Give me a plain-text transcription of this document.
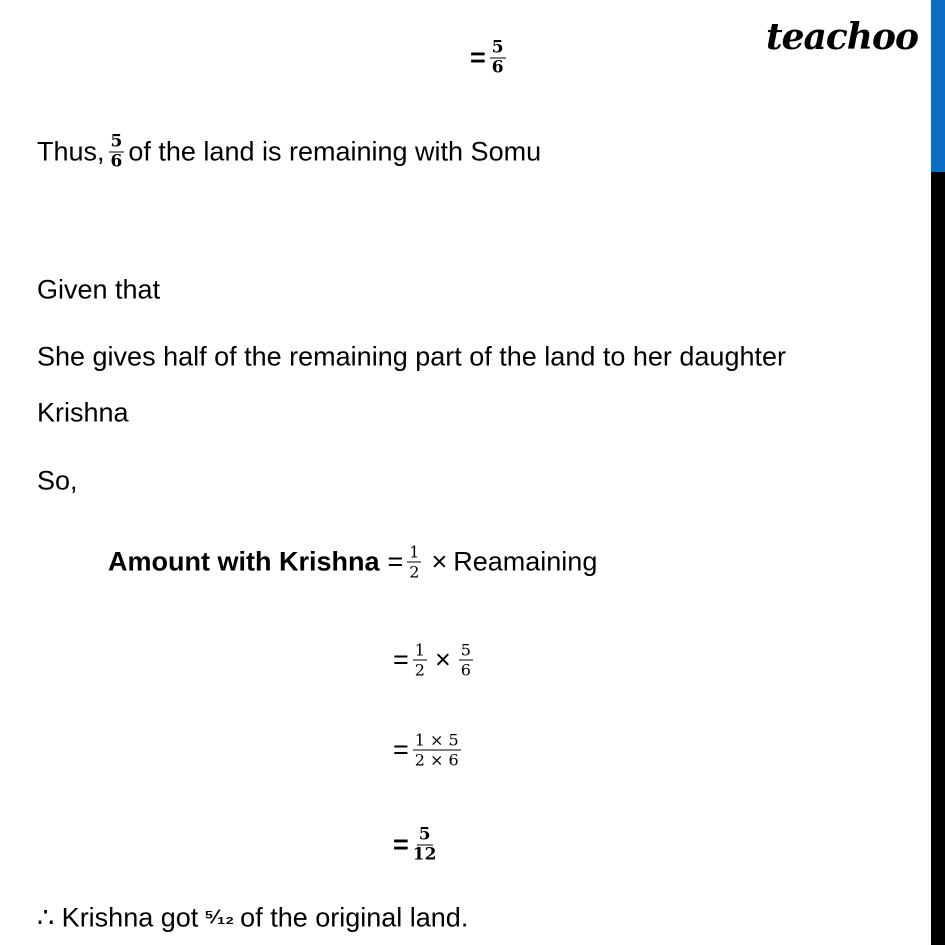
teachoo
= $\frac{5}{6}$
Thus, $\frac{5}{6}$ of the land is remaining with Somu
Given that
She gives half of the remaining part of the land to her daughter
Krishna
So,
Amount with Krishna = $\frac{1}{2}$ × Reamaining
= $\frac{1}{2} \times \frac{5}{6}$
= $\frac{1 \times 5}{2 \times 6}$
= $\frac{5}{12}$
∴ Krishna got ⁵⁄₁₂ of the original land.
